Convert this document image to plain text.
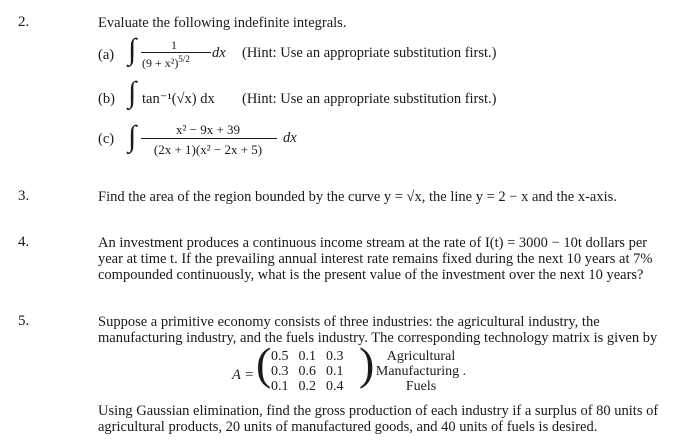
2.	Evaluate the following indefinite integrals.
(a) ∫	1
$(9 + x^2)^{5/2}$ dx (Hint: Use an appropriate substitution first.)
(b) ∫ tan⁻¹(√x) dx (Hint: Use an appropriate substitution first.)
(c) ∫	x² − 9x + 39
(2x + 1)(x² − 2x + 5)
dx
3.	Find the area of the region bounded by the curve y = √x, the line y = 2 − x and the x-axis.
4.	An investment produces a continuous income stream at the rate of I(t) = 3000 − 10t dollars per
year at time t. If the prevailing annual interest rate remains fixed during the next 10 years at 7%
compounded continuously, what is the present value of the investment over the next 10 years?
5.	Suppose a primitive economy consists of three industries: the agricultural industry, the
manufacturing industry, and the fuels industry. The corresponding technology matrix is given by
A = ( 0.5	0.1	0.3
0.3	0.6	0.1
0.1	0.2	0.4 ) Agricultural
Manufacturing .
Fuels
Using Gaussian elimination, find the gross production of each industry if a surplus of 80 units of
agricultural products, 20 units of manufactured goods, and 40 units of fuels is desired.
